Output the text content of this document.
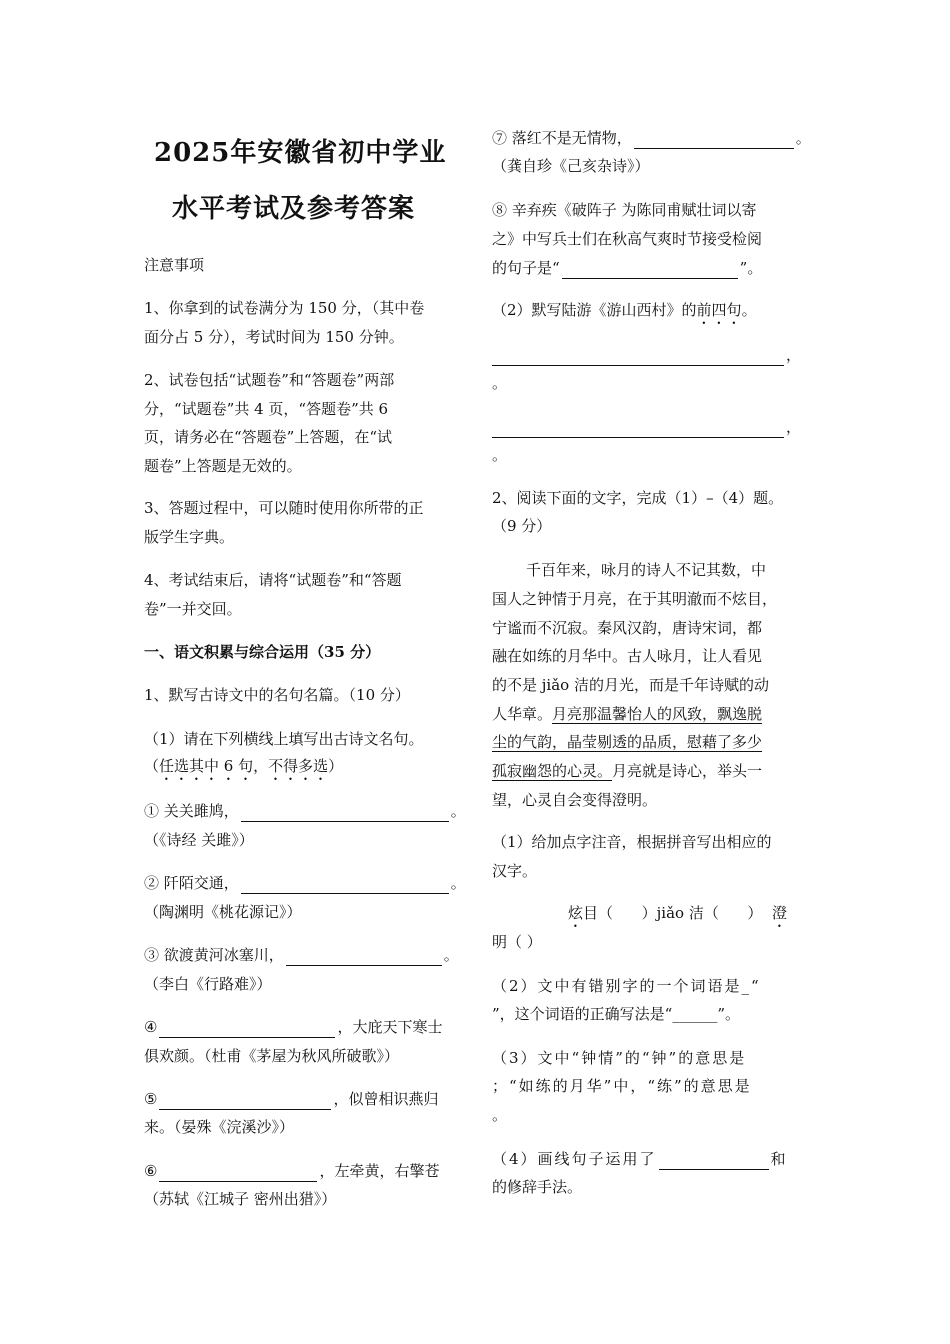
2025年安徽省初中学业
水平考试及参考答案
注意事项
1、你拿到的试卷满分为 150 分，（其中卷
面分占 5 分），考试时间为 150 分钟。
2、试卷包括“试题卷”和“答题卷”两部
分，“试题卷”共 4 页，“答题卷”共 6
页，请务必在“答题卷”上答题，在“试
题卷”上答题是无效的。
3、答题过程中，可以随时使用你所带的正
版学生字典。
4、考试结束后，请将“试题卷”和“答题
卷”一并交回。
一、语文积累与综合运用（35 分）
1、默写古诗文中的名句名篇。（10 分）
（1）请在下列横线上填写出古诗文名句。
（任选其中 6 句，不得多选）
① 关关雎鸠，	。
（《诗经 关雎》）
② 阡陌交通，	。
（陶渊明《桃花源记》）
③ 欲渡黄河冰塞川，	。
（李白《行路难》）
④	，大庇天下寒士
俱欢颜。（杜甫《茅屋为秋风所破歌》）
⑤	，似曾相识燕归
来。（晏殊《浣溪沙》）
⑥	，左牵黄，右擎苍
（苏轼《江城子 密州出猎》）
⑦ 落红不是无情物，	。
（龚自珍《己亥杂诗》）
⑧ 辛弃疾《破阵子 为陈同甫赋壮词以寄
之》中写兵士们在秋高气爽时节接受检阅
的句子是“	”。
（2）默写陆游《游山西村》的前四句。
，
。
，
。
2、阅读下面的文字，完成（1）–（4）题。
（9 分）
千百年来，咏月的诗人不记其数，中
国人之钟情于月亮，在于其明澈而不炫目，
宁谧而不沉寂。秦风汉韵，唐诗宋词，都
融在如练的月华中。古人咏月，让人看见
的不是 jiǎo 洁的月光，而是千年诗赋的动
人华章。月亮那温馨怡人的风致，飘逸脱
尘的气韵，晶莹剔透的品质，慰藉了多少
孤寂幽怨的心灵。月亮就是诗心，举头一
望，心灵自会变得澄明。
（1）给加点字注音，根据拼音写出相应的
汉字。
炫目（      ）jiǎo 洁（      ）  澄
明（ ）
（2）文中有错别字的一个词语是_“
”，这个词语的正确写法是“______”。
（3）文中“钟情”的“钟”的意思是
；“如练的月华”中，“练”的意思是
。
（4）画线句子运用了	和
的修辞手法。
